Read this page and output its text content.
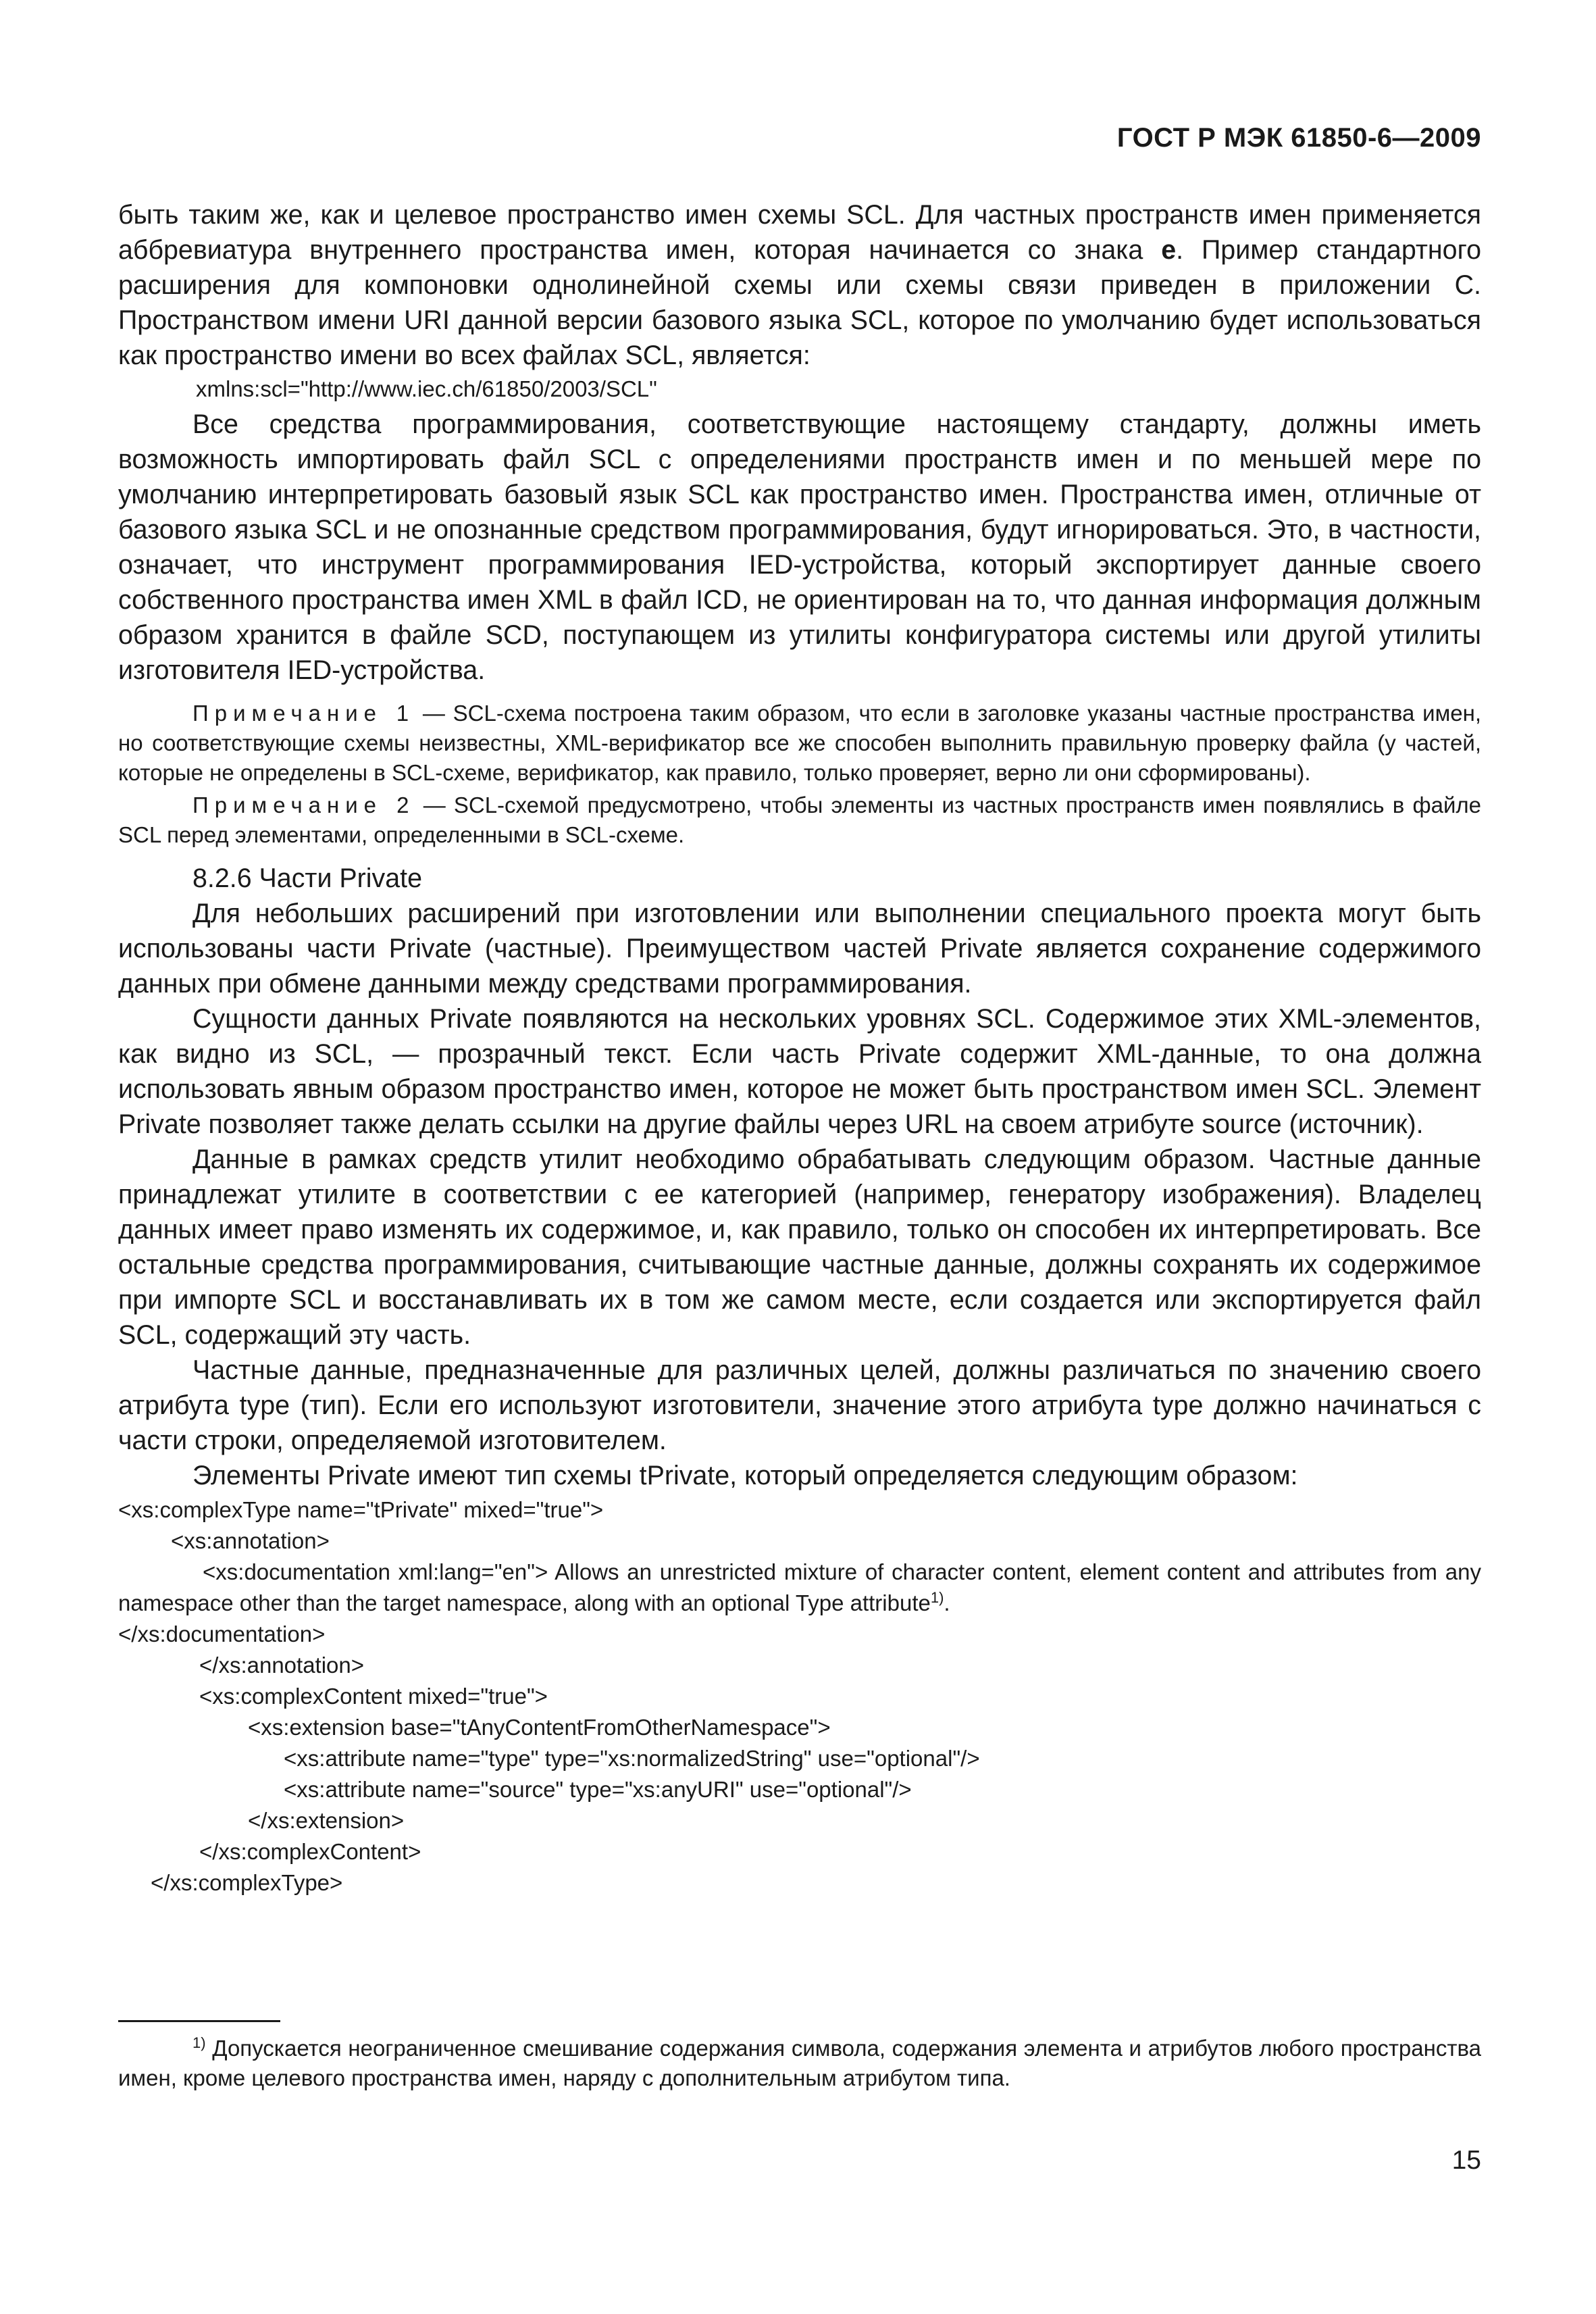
ГОСТ Р МЭК 61850-6—2009

быть таким же, как и целевое пространство имен схемы SCL. Для частных пространств имен применяется аббревиатура внутреннего пространства имен, которая начинается со знака e. Пример стандартного расширения для компоновки однолинейной схемы или схемы связи приведен в приложении С. Пространством имени URI данной версии базового языка SCL, которое по умолчанию будет использоваться как пространство имени во всех файлах SCL, является:

xmlns:scl="http://www.iec.ch/61850/2003/SCL"

Все средства программирования, соответствующие настоящему стандарту, должны иметь возможность импортировать файл SCL с определениями пространств имен и по меньшей мере по умолчанию интерпретировать базовый язык SCL как пространство имен. Пространства имен, отличные от базового языка SCL и не опознанные средством программирования, будут игнорироваться. Это, в частности, означает, что инструмент программирования IED-устройства, который экспортирует данные своего собственного пространства имен XML в файл ICD, не ориентирован на то, что данная информация должным образом хранится в файле SCD, поступающем из утилиты конфигуратора системы или другой утилиты изготовителя IED-устройства.

Примечание 1 — SCL-схема построена таким образом, что если в заголовке указаны частные пространства имен, но соответствующие схемы неизвестны, XML-верификатор все же способен выполнить правильную проверку файла (у частей, которые не определены в SCL-схеме, верификатор, как правило, только проверяет, верно ли они сформированы).

Примечание 2 — SCL-схемой предусмотрено, чтобы элементы из частных пространств имен появлялись в файле SCL перед элементами, определенными в SCL-схеме.

8.2.6 Части Private

Для небольших расширений при изготовлении или выполнении специального проекта могут быть использованы части Private (частные). Преимуществом частей Private является сохранение содержимого данных при обмене данными между средствами программирования.

Сущности данных Private появляются на нескольких уровнях SCL. Содержимое этих XML-элементов, как видно из SCL, — прозрачный текст. Если часть Private содержит XML-данные, то она должна использовать явным образом пространство имен, которое не может быть пространством имен SCL. Элемент Private позволяет также делать ссылки на другие файлы через URL на своем атрибуте source (источник).

Данные в рамках средств утилит необходимо обрабатывать следующим образом. Частные данные принадлежат утилите в соответствии с ее категорией (например, генератору изображения). Владелец данных имеет право изменять их содержимое, и, как правило, только он способен их интерпретировать. Все остальные средства программирования, считывающие частные данные, должны сохранять их содержимое при импорте SCL и восстанавливать их в том же самом месте, если создается или экспортируется файл SCL, содержащий эту часть.

Частные данные, предназначенные для различных целей, должны различаться по значению своего атрибута type (тип). Если его используют изготовители, значение этого атрибута type должно начинаться с части строки, определяемой изготовителем.

Элементы Private имеют тип схемы tPrivate, который определяется следующим образом:

<xs:complexType name="tPrivate" mixed="true">
<xs:annotation>
<xs:documentation xml:lang="en"> Allows an unrestricted mixture of character content, element content and attributes from any namespace other than the target namespace, along with an optional Type attribute$^{1)}$.
</xs:documentation>
</xs:annotation>
<xs:complexContent mixed="true">
<xs:extension base="tAnyContentFromOtherNamespace">
<xs:attribute name="type" type="xs:normalizedString" use="optional"/>
<xs:attribute name="source" type="xs:anyURI" use="optional"/>
</xs:extension>
</xs:complexContent>
</xs:complexType>
$^{1)}$ Допускается неограниченное смешивание содержания символа, содержания элемента и атрибутов любого пространства имен, кроме целевого пространства имен, наряду с дополнительным атрибутом типа.
15
